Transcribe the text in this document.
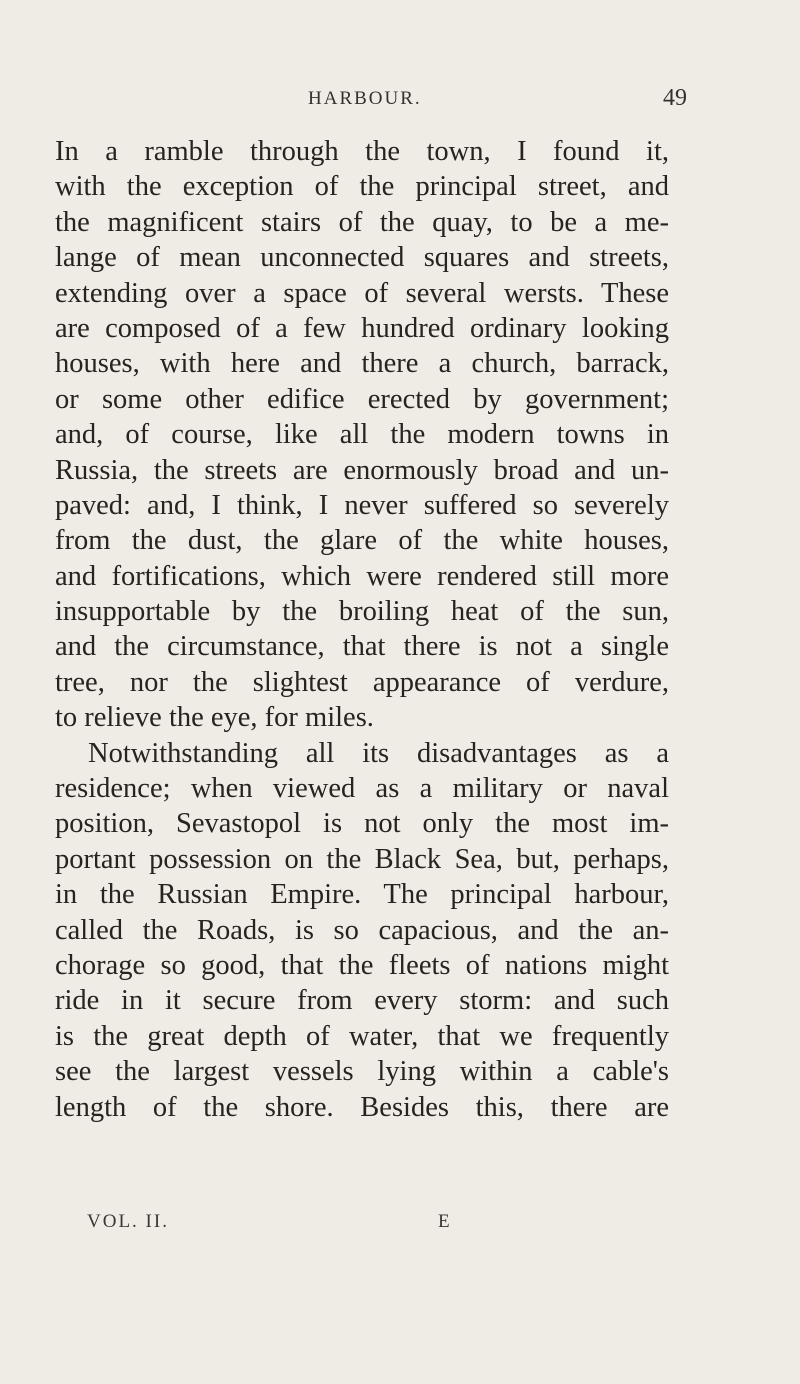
HARBOUR.	49
In a ramble through the town, I found it,
with the exception of the principal street, and
the magnificent stairs of the quay, to be a me-
lange of mean unconnected squares and streets,
extending over a space of several wersts. These
are composed of a few hundred ordinary looking
houses, with here and there a church, barrack,
or some other edifice erected by government;
and, of course, like all the modern towns in
Russia, the streets are enormously broad and un-
paved: and, I think, I never suffered so severely
from the dust, the glare of the white houses,
and fortifications, which were rendered still more
insupportable by the broiling heat of the sun,
and the circumstance, that there is not a single
tree, nor the slightest appearance of verdure,
to relieve the eye, for miles.
Notwithstanding all its disadvantages as a
residence; when viewed as a military or naval
position, Sevastopol is not only the most im-
portant possession on the Black Sea, but, perhaps,
in the Russian Empire. The principal harbour,
called the Roads, is so capacious, and the an-
chorage so good, that the fleets of nations might
ride in it secure from every storm: and such
is the great depth of water, that we frequently
see the largest vessels lying within a cable's
length of the shore. Besides this, there are
VOL. II.	E
